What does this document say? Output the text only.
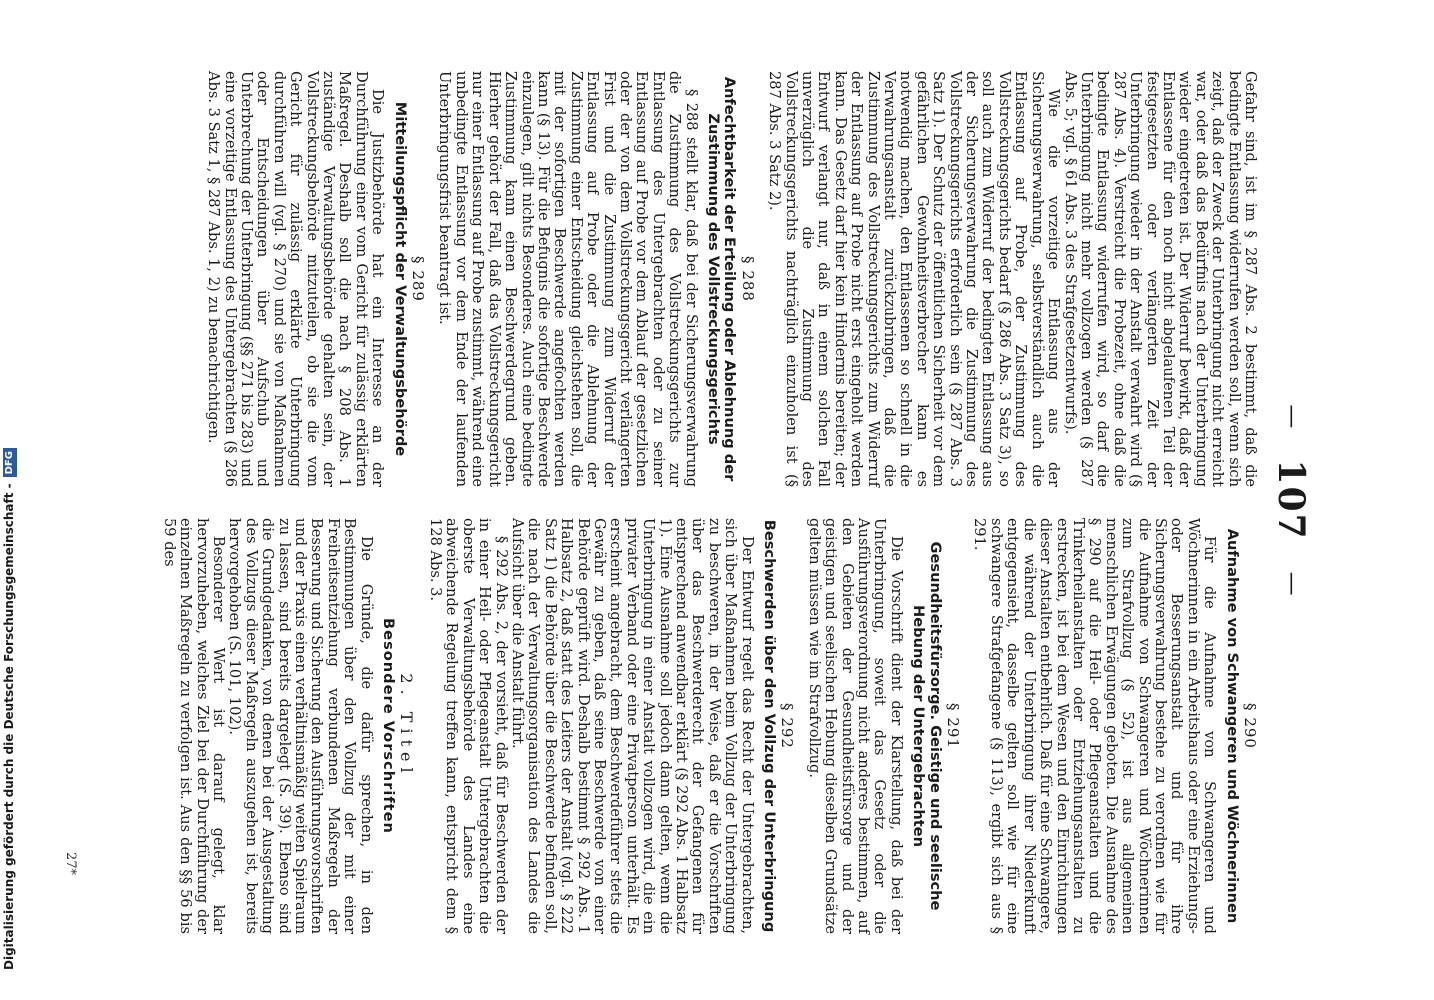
— 107 —

Gefahr sind, ist im § 287 Abs. 2 bestimmt, daß die bedingte Entlassung widerrufen werden soll, wenn sich zeigt, daß der Zweck der Unterbringung nicht erreicht war, oder daß das Bedürfnis nach der Unterbringung wieder eingetreten ist. Der Widerruf bewirkt, daß der Entlassene für den noch nicht abgelaufenen Teil der festgesetzten oder verlängerten Zeit der Unterbringung wieder in der Anstalt verwahrt wird (§ 287 Abs. 4). Verstreicht die Probezeit, ohne daß die bedingte Entlassung widerrufen wird, so darf die Unterbringung nicht mehr vollzogen werden (§ 287 Abs. 5; vgl. § 61 Abs. 3 des Strafgesetzentwurfs).

Wie die vorzeitige Entlassung aus der Sicherungsverwahrung, selbstverständlich auch die Entlassung auf Probe, der Zustimmung des Vollstreckungsgerichts bedarf (§ 286 Abs. 3 Satz 3), so soll auch zum Widerruf der bedingten Entlassung aus der Sicherungsverwahrung die Zustimmung des Vollstreckungsgerichts erforderlich sein (§ 287 Abs. 3 Satz 1). Der Schutz der öffentlichen Sicherheit vor dem gefährlichen Gewohnheitsverbrecher kann es notwendig machen, den Entlassenen so schnell in die Verwahrungsanstalt zurückzubringen, daß die Zustimmung des Vollstreckungsgerichts zum Widerruf der Entlassung auf Probe nicht erst eingeholt werden kann. Das Gesetz darf hier kein Hindernis bereiten; der Entwurf verlangt nur, daß in einem solchen Fall unverzüglich die Zustimmung des Vollstreckungsgerichts nachträglich einzuholen ist (§ 287 Abs. 3 Satz 2).

§ 288
Anfechtbarkeit der Erteilung oder Ablehnung der Zustimmung des Vollstreckungsgerichts

§ 288 stellt klar, daß bei der Sicherungsverwahrung die Zustimmung des Vollstreckungsgerichts zur Entlassung des Untergebrachten oder zu seiner Entlassung auf Probe vor dem Ablauf der gesetzlichen oder der von dem Vollstreckungsgericht verlängerten Frist und die Zustimmung zum Widerruf der Entlassung auf Probe oder die Ablehnung der Zustimmung einer Entscheidung gleichstehen soll, die mit der sofortigen Beschwerde angefochten werden kann (§ 13). Für die Befugnis die sofortige Beschwerde einzulegen, gilt nichts Besonderes. Auch eine bedingte Zustimmung kann einen Beschwerdegrund geben. Hierher gehört der Fall, daß das Vollstreckungsgericht nur einer Entlassung auf Probe zustimmt, während eine unbedingte Entlassung vor dem Ende der laufenden Unterbringungsfrist beantragt ist.

§ 289
Mitteilungspflicht der Verwaltungsbehörde

Die Justizbehörde hat ein Interesse an der Durchführung einer vom Gericht für zulässig erklärten Maßregel. Deshalb soll die nach § 208 Abs. 1 zuständige Verwaltungsbehörde gehalten sein, der Vollstreckungsbehörde mitzuteilen, ob sie die vom Gericht für zulässig erklärte Unterbringung durchführen will (vgl. § 270) und sie von Maßnahmen oder Entscheidungen über Aufschub und Unterbrechung der Unterbringung (§§ 271 bis 283) und eine vorzeitige Entlassung des Untergebrachten (§ 286 Abs. 3 Satz 1, § 287 Abs. 1, 2) zu benachrichtigen.

§ 290
Aufnahme von Schwangeren und Wöchnerinnen

Für die Aufnahme von Schwangeren und Wöchnerinnen in ein Arbeitshaus oder eine Erziehungs- oder Besserungsanstalt und für ihre Sicherungsverwahrung bestehe zu verordnen wie für die Aufnahme von Schwangeren und Wöchnerinnen zum Strafvollzug (§ 52), ist aus allgemeinen menschlichen Erwägungen geboten. Die Ausnahme des § 290 auf die Heil- oder Pflegeanstalten und die Trinkerheilanstalten oder Entziehungsanstalten zu erstrecken, ist bei dem Wesen und den Einrichtungen dieser Anstalten entbehrlich. Daß für eine Schwangere, die während der Unterbringung ihrer Niederkunft entgegensieht, dasselbe gelten soll wie für eine schwangere Strafgefangene (§ 113), ergibt sich aus § 291.

§ 291
Gesundheitsfürsorge. Geistige und seelische Hebung der Untergebrachten

Die Vorschrift dient der Klarstellung, daß bei der Unterbringung, soweit das Gesetz oder die Ausführungsverordnung nicht anderes bestimmen, auf den Gebieten der Gesundheitsfürsorge und der geistigen und seelischen Hebung dieselben Grundsätze gelten müssen wie im Strafvollzug.

§ 292
Beschwerden über den Vollzug der Unterbringung

Der Entwurf regelt das Recht der Untergebrachten, sich über Maßnahmen beim Vollzug der Unterbringung zu beschweren, in der Weise, daß er die Vorschriften über das Beschwerderecht der Gefangenen für entsprechend anwendbar erklärt (§ 292 Abs. 1 Halbsatz 1). Eine Ausnahme soll jedoch dann gelten, wenn die Unterbringung in einer Anstalt vollzogen wird, die ein privater Verband oder eine Privatperson unterhält. Es erscheint angebracht, dem Beschwerdeführer stets die Gewähr zu geben, daß seine Beschwerde von einer Behörde geprüft wird. Deshalb bestimmt § 292 Abs. 1 Halbsatz 2, daß statt des Leiters der Anstalt (vgl. § 222 Satz 1) die Behörde über die Beschwerde befinden soll, die nach der Verwaltungsorganisation des Landes die Aufsicht über die Anstalt führt.

§ 292 Abs. 2, der vorsieht, daß für Beschwerden der in einer Heil- oder Pflegeanstalt Untergebrachten die oberste Verwaltungsbehörde des Landes eine abweichende Regelung treffen kann, entspricht dem § 128 Abs. 3.

2. Titel
Besondere Vorschriften

Die Gründe, die dafür sprechen, in den Bestimmungen über den Vollzug der mit einer Freiheitsentziehung verbundenen Maßregeln der Besserung und Sicherung den Ausführungsvorschriften und der Praxis einen verhältnismäßig weiten Spielraum zu lassen, sind bereits dargelegt (S. 39). Ebenso sind die Grundgedanken, von denen bei der Ausgestaltung des Vollzugs dieser Maßregeln auszugehen ist, bereits hervorgehoben (S. 101, 102).

Besonderer Wert ist darauf gelegt, klar hervorzuheben, welches Ziel bei der Durchführung der einzelnen Maßregeln zu verfolgen ist. Aus den §§ 56 bis 59 des

27*
Digitalisierung gefördert durch die Deutsche Forschungsgemeinschaft -DFG
